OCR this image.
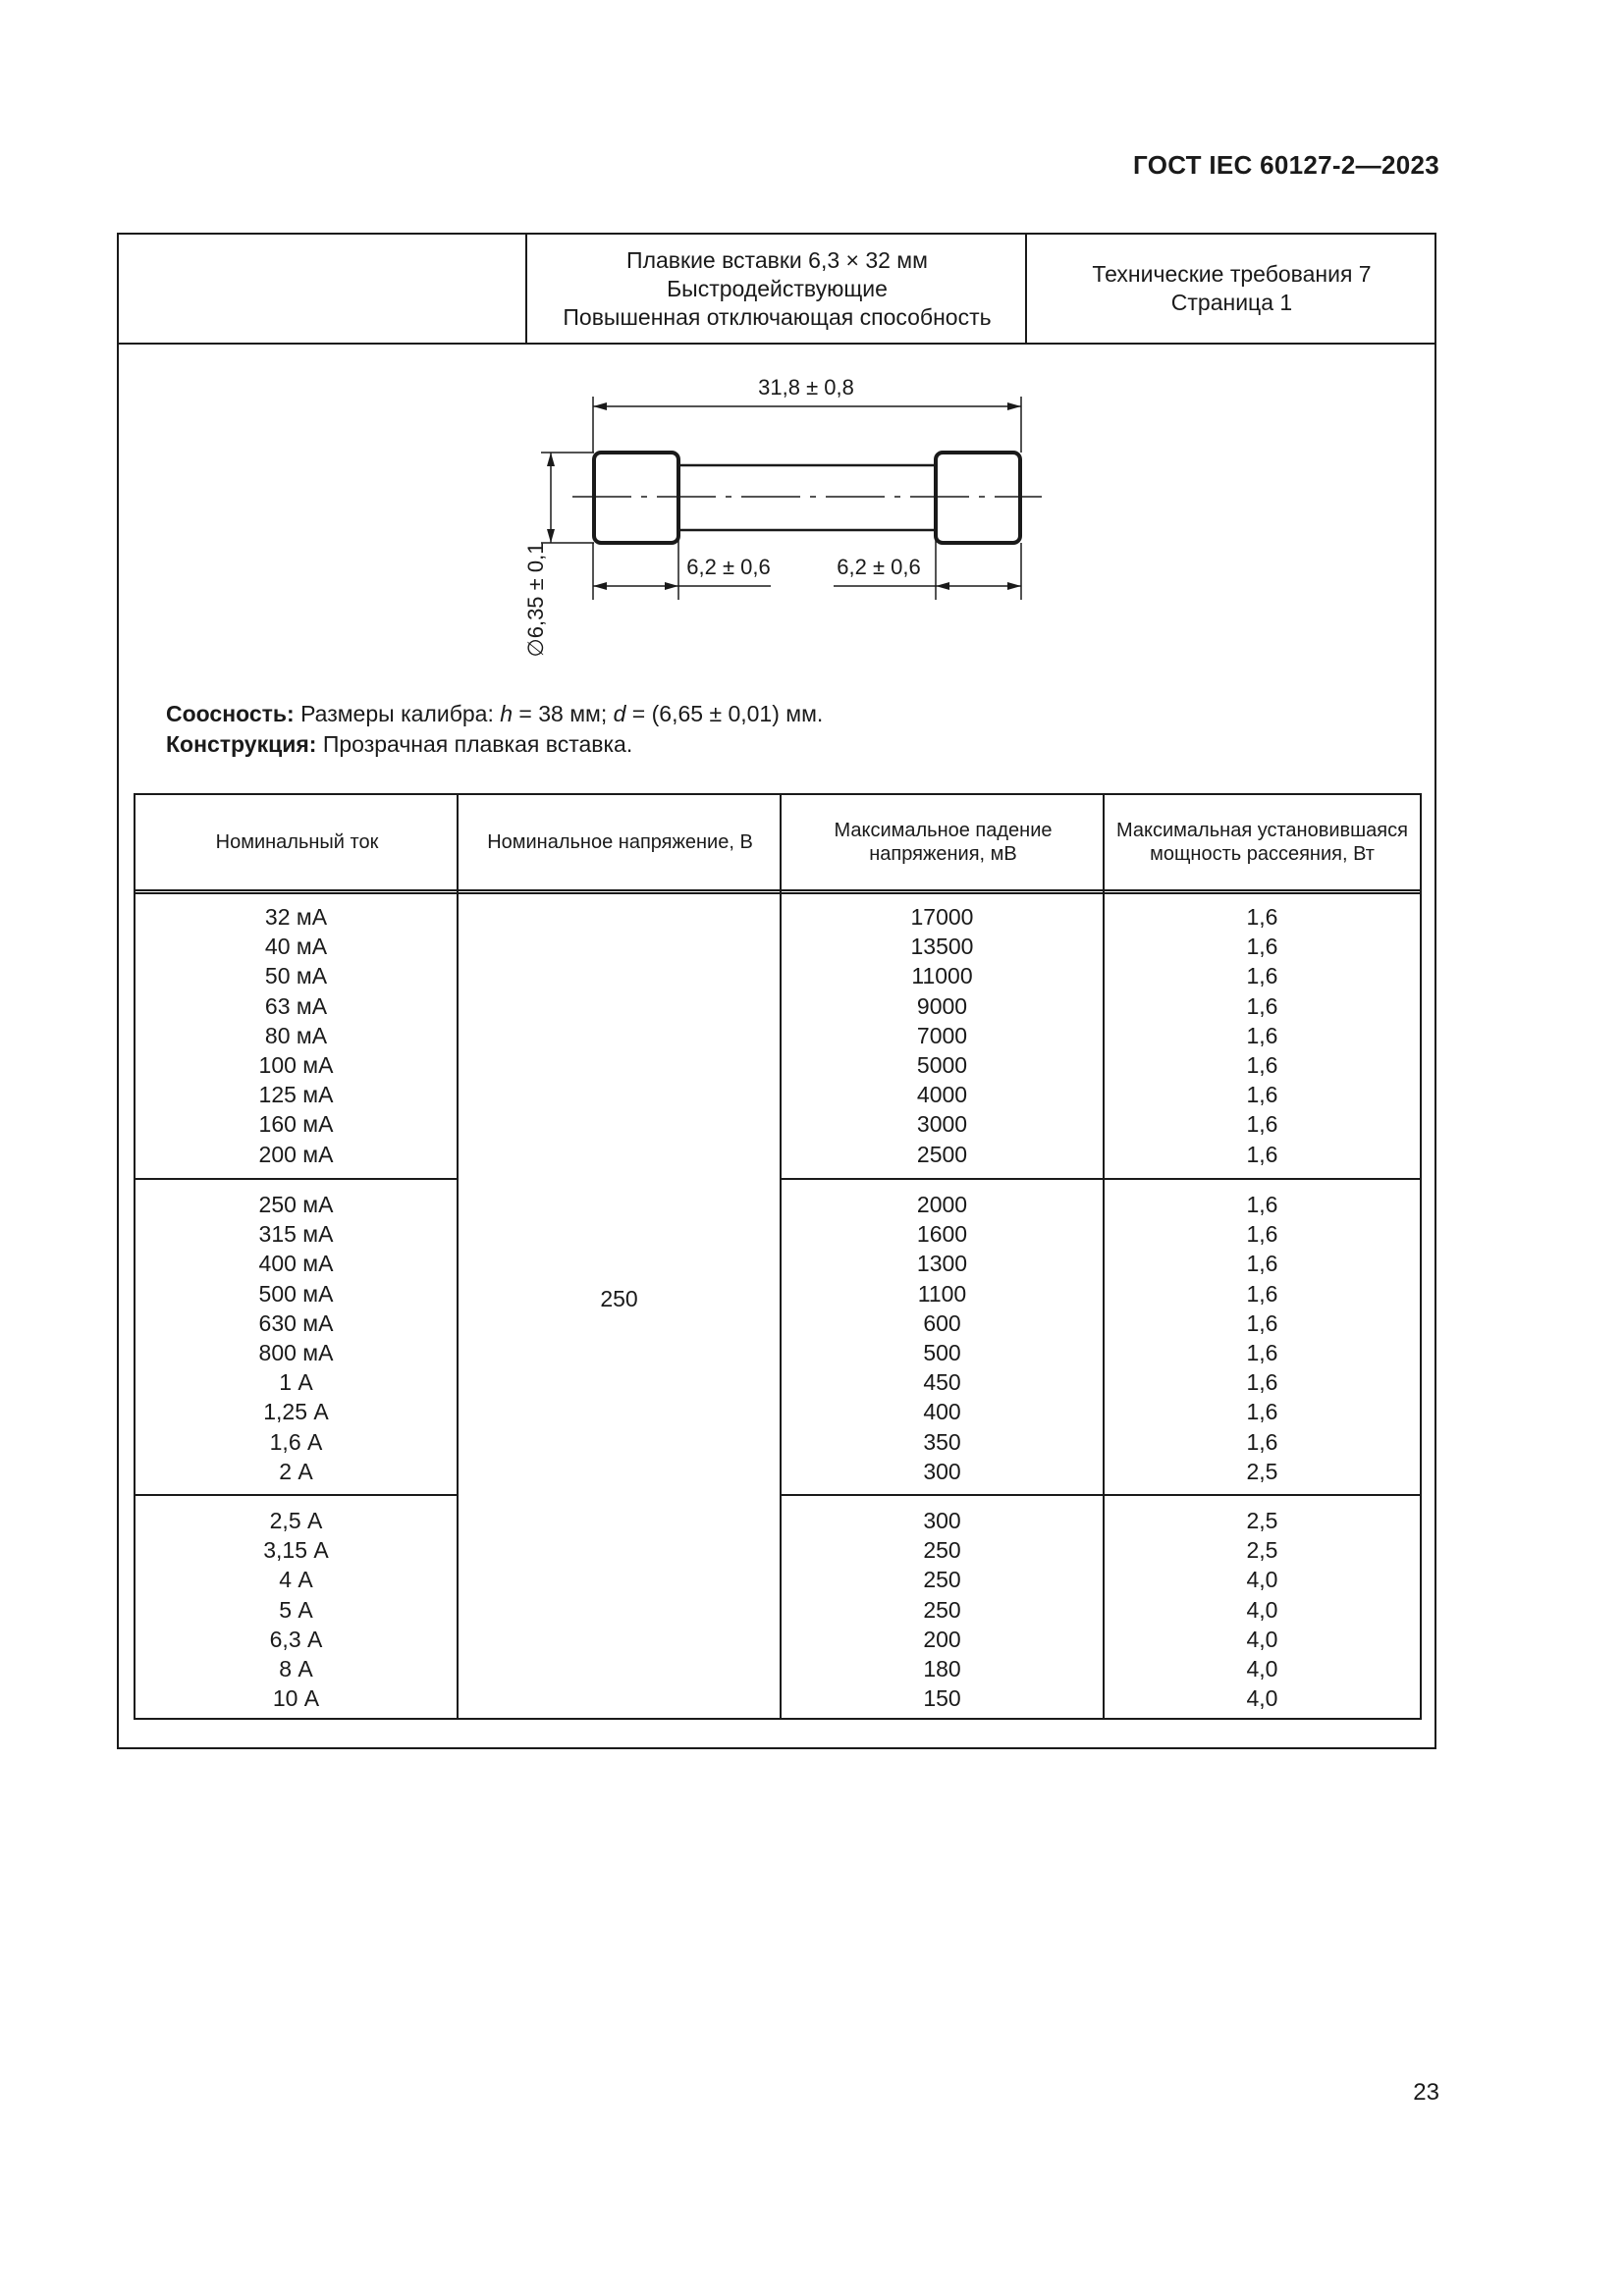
ГОСТ IEC 60127-2—2023
Плавкие вставки 6,3 × 32 мм
Быстродействующие
Повышенная отключающая способность
Технические требования 7
Страница 1
31,8 ± 0,8
6,2 ± 0,6	6,2 ± 0,6
∅6,35 ± 0,1
Соосность: Размеры калибра: h = 38 мм; d = (6,65 ± 0,01) мм.
Конструкция: Прозрачная плавкая вставка.
Номинальный ток	Номинальное напряжение, В
Максимальное падение напряжения, мВ
Максимальная установившаяся мощность рассеяния, Вт
250
32 мА
40 мА
50 мА
63 мА
80 мА
100 мА
125 мА
160 мА
200 мА
17000
13500
11000
9000
7000
5000
4000
3000
2500
1,6
1,6
1,6
1,6
1,6
1,6
1,6
1,6
1,6
250 мА
315 мА
400 мА
500 мА
630 мА
800 мА
1 А
1,25 А
1,6 А
2 А
2000
1600
1300
1100
600
500
450
400
350
300
1,6
1,6
1,6
1,6
1,6
1,6
1,6
1,6
1,6
2,5
2,5 А
3,15 А
4 А
5 А
6,3 А
8 А
10 А
300
250
250
250
200
180
150
2,5
2,5
4,0
4,0
4,0
4,0
4,0
23
